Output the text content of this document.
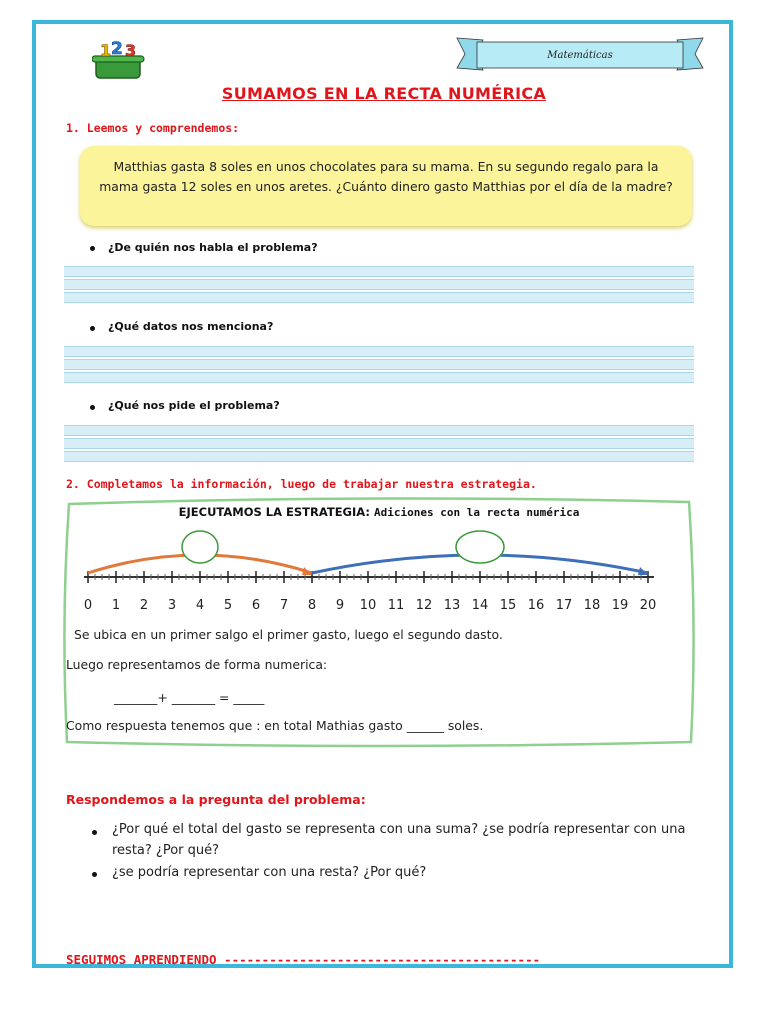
1 2 3	Matemáticas
SUMAMOS EN LA RECTA NUMÉRICA
1. Leemos y comprendemos:

Matthias gasta 8 soles en unos chocolates para su mama. En su segundo regalo para la mama gasta 12 soles en unos aretes. ¿Cuánto dinero gasto Matthias por el día de la madre?

¿De quién nos habla el problema?
¿Qué datos nos menciona?
¿Qué nos pide el problema?
2. Completamos la información, luego de trabajar nuestra estrategia.
EJECUTAMOS LA ESTRATEGIA: Adiciones con la recta numérica
0 1 2 3 4 5 6 7 8 9 10 11 12 13 14 15 16 17 18 19 20
Se ubica en un primer salgo el primer gasto, luego el segundo dasto.
Luego representamos de forma numerica:
_______+ _______ = _____
Como respuesta tenemos que : en total Mathias gasto ______ soles.
Respondemos a la pregunta del problema:
¿Por qué el total del gasto se representa con una suma? ¿se podría representar con una resta? ¿Por qué?
¿se podría representar con una resta? ¿Por qué?
SEGUIMOS APRENDIENDO ------------------------------------------
